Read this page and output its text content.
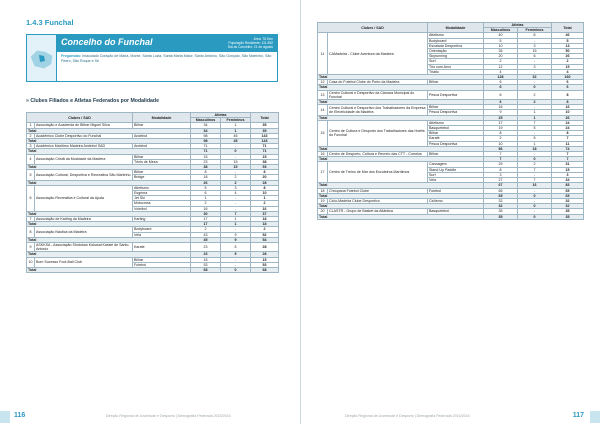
1.4.3 Funchal
Concelho do Funchal	Área: 76 Km²
População Residente: 111 892
Dia do Concelho: 21 de agosto
Freguesias: Imaculado Coração de Maria, Monte, Santa Luzia, Santa Maria Maior, Santo António, São Gonçalo, São Martinho, São Pedro, São Roque e Sé
» Clubes Filiados e Atletas Federados por Modalidade
Clubes / SAD		Modalidade	Atletas		Total
			Masculinos	Femininos	
1	Associação e Academia de Bilhar Miguel Silva	Bilhar	34	1	35
Total			34	1	35
2	Acadêmico Clube Desportivo do Funchal	Andebol	98	45	143
Total			98	45	143
3	Acadêmico Marítimo Madeira Andebol SAD	Andebol	71	-	71
Total			71	0	71
4	Associação Cristã da Mocidade da Madeira	Bilhar	15	-	15
		Ténis de Mesa	23	15	38
Total			38	15	53
5	Associação Cultural, Desportiva e Recreativa São Martinho	Bilhar	8	-	8
		Bridge	18	2	20
Total			26	2	28
6	Associação Recreativa e Cultural da Ajuda	Atletismo	5	3	8
		Esgrima	6	4	10
		Jet Ski	1	-	1
		Motocross	2	-	2
		Voleibol	16	-	16
Total			30	7	37
7	Associação de Karting da Madeira	Karting	17	1	18
Total			17	1	18
8	Associação Náutica da Madeira	Bodyboard	2	-	2
		Vela	43	9	52
Total			45	9	54
9	ASKKSA - Associação Shotokan Kokusai Karaté de Santo António	Karaté	23	5	28
Total			23	5	28
10	Bom Sucesso Foot-Ball Club	Bilhar	15	-	15
		Futebol	53	-	53
Total			68	0	68
116	Direção Regional de Juventude e Desporto | Demografia Federada 2015/2016
Clubes / SAD		Modalidade	Atletas		Total
			Masculinos	Femininos	
11	CAMadeira - Clube Aventura da Madeira	Atletismo	40	6	46
		Bodyboard	5	-	5
		Escalada Desportiva	10	3	13
		Orientação	35	15	50
		Skyrunning	20	6	26
		Surf	2	-	2
		Tiro com Arco	12	3	15
		Triatlo	4	-	4
Total			128	32	160
12	Casa do Futebol Clube do Porto da Madeira	Bilhar	6	-	6
Total			6	0	6
13	Centro Cultural e Desportivo da Câmara Municipal do Funchal	Pesca Desportiva	6	2	8
Total			6	2	8
14	Centro Cultural e Desportivo dos Trabalhadores da Empresa de Electricidade da Madeira	Bilhar	16	-	16
		Pesca Desportiva	9	1	10
Total			25	1	26
15	Centro de Cultura e Desporto dos Trabalhadores das Hotéis do Funchal	Atletismo	17	7	24
		Basquetebol	19	5	24
		Bilhar	8	-	8
		Karaté	2	5	7
		Pesca Desportiva	10	1	11
Total			56	18	74
16	Centro de Desporto, Cultura e Recreio das CTT - Correios	Bilhar	7	-	7
Total			7	0	7
17	Centro de Treino de Mar dos Escuteiros Marítimos	Canoagem	29	2	31
		Stand Up Paddle	8	7	15
		Surf	3	-	3
		Vela	27	7	34
Total			67	16	83
18	Choupana Futebol Clube	Futebol	65	-	65
Total			65	0	65
19	Ciclo-Madeira Clube Desportivo	Ciclismo	32	-	32
Total			32	0	32
20	CLASTR - Grupo de Basket da Atlântica	Basquetebol	35	-	35
Total			35	0	35
Direção Regional de Juventude e Desporto | Demografia Federada 2015/2016	117
